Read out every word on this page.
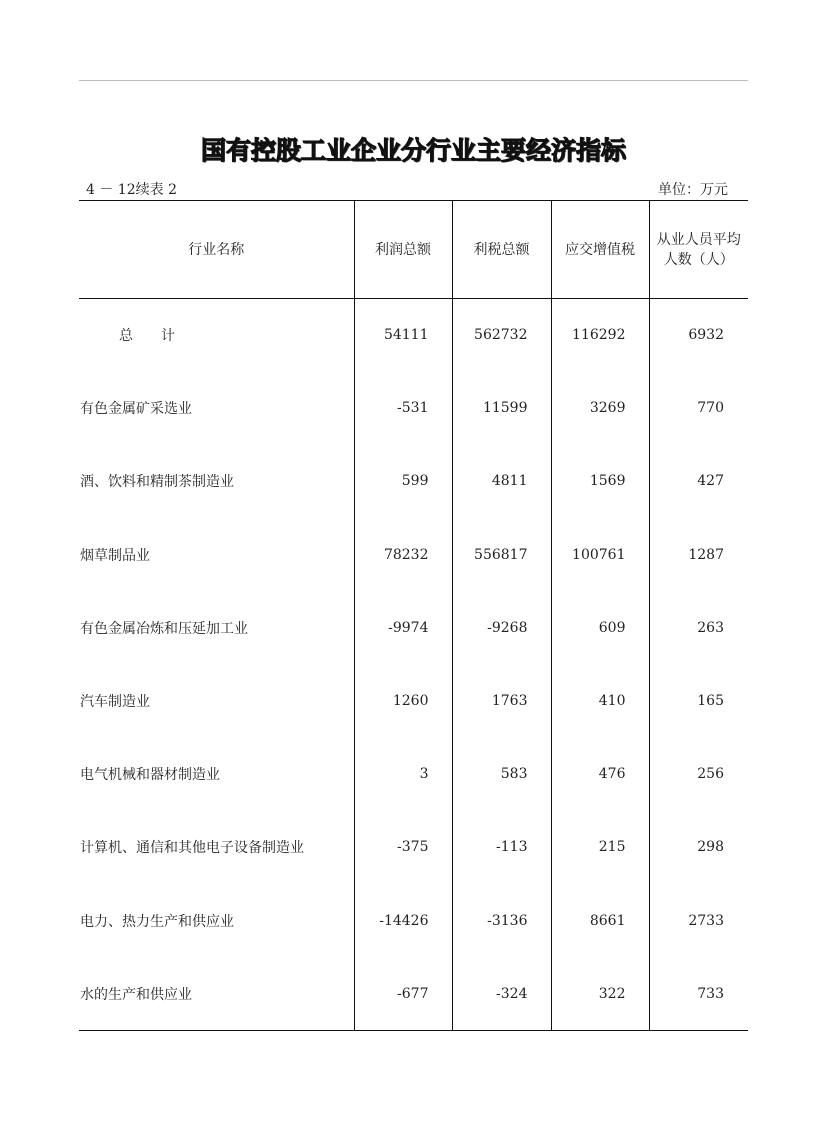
国有控股工业企业分行业主要经济指标
4 － 12续表 2	单位：万元
行业名称	利润总额	利税总额	应交增值税	从业人员平均人数（人）
总　　计	54111	562732	116292	6932
有色金属矿采选业	-531	11599	3269	770
酒、饮料和精制茶制造业	599	4811	1569	427
烟草制品业	78232	556817	100761	1287
有色金属冶炼和压延加工业	-9974	-9268	609	263
汽车制造业	1260	1763	410	165
电气机械和器材制造业	3	583	476	256
计算机、通信和其他电子设备制造业	-375	-113	215	298
电力、热力生产和供应业	-14426	-3136	8661	2733
水的生产和供应业	-677	-324	322	733
